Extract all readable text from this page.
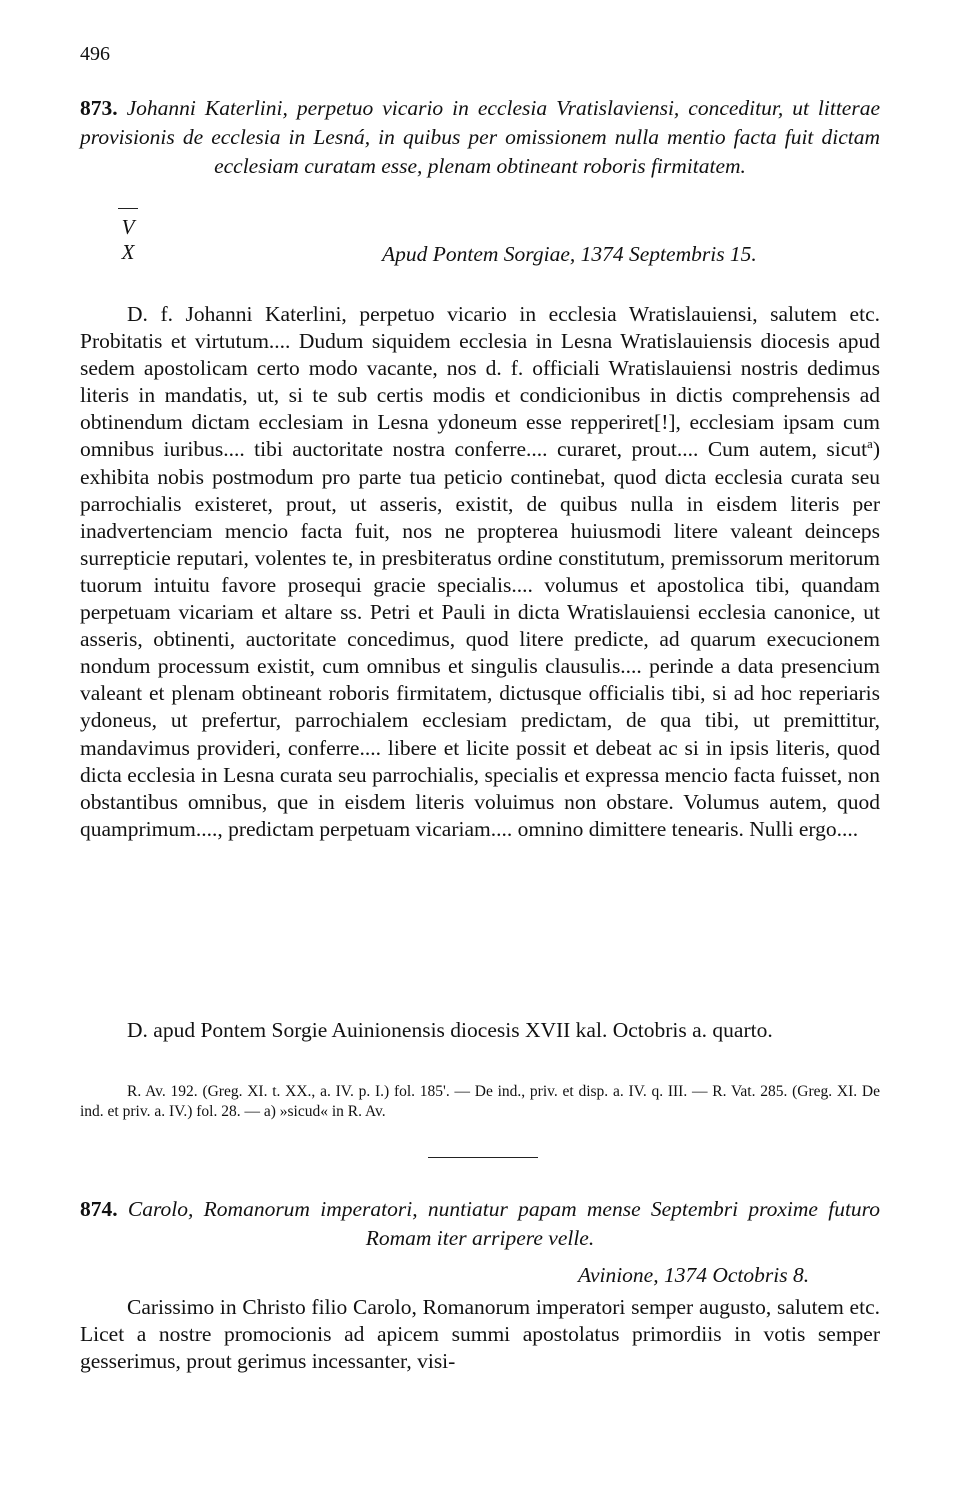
496

873. Johanni Katerlini, perpetuo vicario in ecclesia Vratislaviensi, conceditur, ut litterae provisionis de ecclesia in Lesná, in quibus per omissionem nulla mentio facta fuit dictam ecclesiam curatam esse, plenam obtineant roboris firmitatem.

V
X	Apud Pontem Sorgiae, 1374 Septembris 15.

D. f. Johanni Katerlini, perpetuo vicario in ecclesia Wratislauiensi, salutem etc. Probitatis et virtutum.... Dudum siquidem ecclesia in Lesna Wratislauiensis diocesis apud sedem apostolicam certo modo vacante, nos d. f. officiali Wratislauiensi nostris dedimus literis in mandatis, ut, si te sub certis modis et condicionibus in dictis comprehensis ad obtinendum dictam ecclesiam in Lesna ydoneum esse repperiret[!], ecclesiam ipsam cum omnibus iuribus.... tibi auctoritate nostra conferre.... curaret, prout.... Cum autem, sicut$^a$) exhibita nobis postmodum pro parte tua peticio continebat, quod dicta ecclesia curata seu parrochialis existeret, prout, ut asseris, existit, de quibus nulla in eisdem literis per inadvertenciam mencio facta fuit, nos ne propterea huiusmodi litere valeant deinceps surrepticie reputari, volentes te, in presbiteratus ordine constitutum, premissorum meritorum tuorum intuitu favore prosequi gracie specialis.... volumus et apostolica tibi, quandam perpetuam vicariam et altare ss. Petri et Pauli in dicta Wratislauiensi ecclesia canonice, ut asseris, obtinenti, auctoritate concedimus, quod litere predicte, ad quarum execucionem nondum processum existit, cum omnibus et singulis clausulis.... perinde a data presencium valeant et plenam obtineant roboris firmitatem, dictusque officialis tibi, si ad hoc reperiaris ydoneus, ut prefertur, parrochialem ecclesiam predictam, de qua tibi, ut premittitur, mandavimus provideri, conferre.... libere et licite possit et debeat ac si in ipsis literis, quod dicta ecclesia in Lesna curata seu parrochialis, specialis et expressa mencio facta fuisset, non obstantibus omnibus, que in eisdem literis voluimus non obstare. Volumus autem, quod quamprimum...., predictam perpetuam vicariam.... omnino dimittere tenearis. Nulli ergo....

D. apud Pontem Sorgie Auinionensis diocesis XVII kal. Octobris a. quarto.

R. Av. 192. (Greg. XI. t. XX., a. IV. p. I.) fol. 185'. — De ind., priv. et disp. a. IV. q. III. — R. Vat. 285. (Greg. XI. De ind. et priv. a. IV.) fol. 28. — a) »sicud« in R. Av.

874. Carolo, Romanorum imperatori, nuntiatur papam mense Septembri proxime futuro Romam iter arripere velle.

Avinione, 1374 Octobris 8.

Carissimo in Christo filio Carolo, Romanorum imperatori semper augusto, salutem etc. Licet a nostre promocionis ad apicem summi apostolatus primordiis in votis semper gesserimus, prout gerimus incessanter, visi-
